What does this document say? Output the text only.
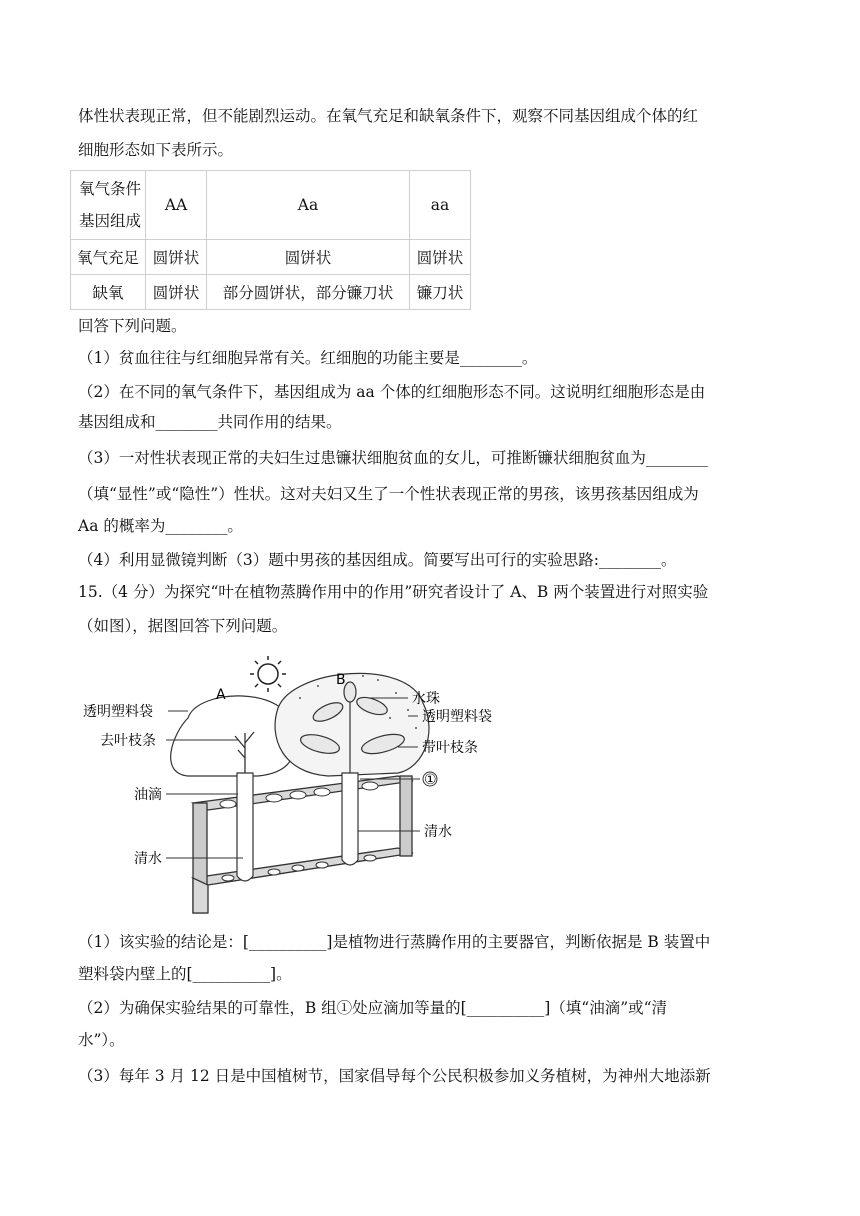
体性状表现正常，但不能剧烈运动。在氧气充足和缺氧条件下，观察不同基因组成个体的红
细胞形态如下表所示。
氧气条件
基因组成	AA	Aa	aa
氧气充足	圆饼状	圆饼状	圆饼状
缺氧	圆饼状	部分圆饼状，部分镰刀状	镰刀状
回答下列问题。
（1）贫血往往与红细胞异常有关。红细胞的功能主要是________。
（2）在不同的氧气条件下，基因组成为 aa 个体的红细胞形态不同。这说明红细胞形态是由
基因组成和________共同作用的结果。
（3）一对性状表现正常的夫妇生过患镰状细胞贫血的女儿，可推断镰状细胞贫血为________
（填“显性”或“隐性”）性状。这对夫妇又生了一个性状表现正常的男孩，该男孩基因组成为
Aa 的概率为________。
（4）利用显微镜判断（3）题中男孩的基因组成。简要写出可行的实验思路:________。
15.（4 分）为探究“叶在植物蒸腾作用中的作用”研究者设计了 A、B 两个装置进行对照实验
（如图），据图回答下列问题。
A
B
透明塑料袋
去叶枝条
油滴
清水
水珠
透明塑料袋
带叶枝条
①
清水
（1）该实验的结论是：[__________]是植物进行蒸腾作用的主要器官，判断依据是 B 装置中
塑料袋内壁上的[__________]。
（2）为确保实验结果的可靠性，B 组①处应滴加等量的[__________]（填“油滴”或“清
水”）。
（3）每年 3 月 12 日是中国植树节，国家倡导每个公民积极参加义务植树，为神州大地添新
